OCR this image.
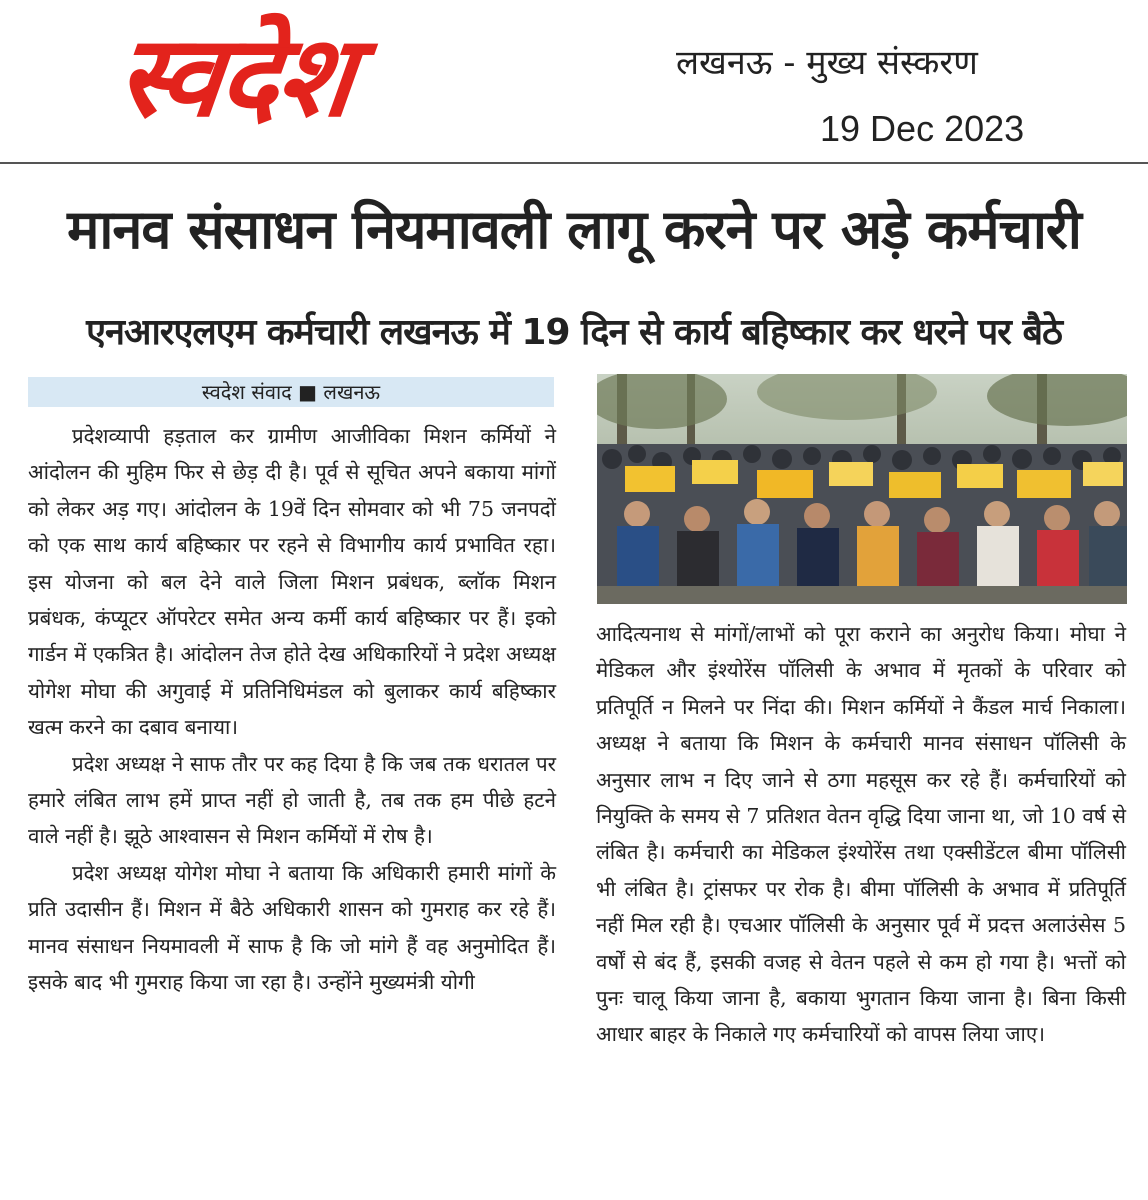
स्वदेश	लखनऊ - मुख्य संस्करण
19 Dec 2023
मानव संसाधन नियमावली लागू करने पर अड़े कर्मचारी
एनआरएलएम कर्मचारी लखनऊ में 19 दिन से कार्य बहिष्कार कर धरने पर बैठे
स्वदेश संवाद ■ लखनऊ

प्रदेशव्यापी हड़ताल कर ग्रामीण आजीविका मिशन कर्मियों ने आंदोलन की मुहिम फिर से छेड़ दी है। पूर्व से सूचित अपने बकाया मांगों को लेकर अड़ गए। आंदोलन के 19वें दिन सोमवार को भी 75 जनपदों को एक साथ कार्य बहिष्कार पर रहने से विभागीय कार्य प्रभावित रहा। इस योजना को बल देने वाले जिला मिशन प्रबंधक, ब्लॉक मिशन प्रबंधक, कंप्यूटर ऑपरेटर समेत अन्य कर्मी कार्य बहिष्कार पर हैं। इको गार्डन में एकत्रित है। आंदोलन तेज होते देख अधिकारियों ने प्रदेश अध्यक्ष योगेश मोघा की अगुवाई में प्रतिनिधिमंडल को बुलाकर कार्य बहिष्कार खत्म करने का दबाव बनाया।

प्रदेश अध्यक्ष ने साफ तौर पर कह दिया है कि जब तक धरातल पर हमारे लंबित लाभ हमें प्राप्त नहीं हो जाती है, तब तक हम पीछे हटने वाले नहीं है। झूठे आश्वासन से मिशन कर्मियों में रोष है।

प्रदेश अध्यक्ष योगेश मोघा ने बताया कि अधिकारी हमारी मांगों के प्रति उदासीन हैं। मिशन में बैठे अधिकारी शासन को गुमराह कर रहे हैं। मानव संसाधन नियमावली में साफ है कि जो मांगे हैं वह अनुमोदित हैं। इसके बाद भी गुमराह किया जा रहा है। उन्होंने मुख्यमंत्री योगी

आदित्यनाथ से मांगों/लाभों को पूरा कराने का अनुरोध किया। मोघा ने मेडिकल और इंश्योरेंस पॉलिसी के अभाव में मृतकों के परिवार को प्रतिपूर्ति न मिलने पर निंदा की। मिशन कर्मियों ने कैंडल मार्च निकाला। अध्यक्ष ने बताया कि मिशन के कर्मचारी मानव संसाधन पॉलिसी के अनुसार लाभ न दिए जाने से ठगा महसूस कर रहे हैं। कर्मचारियों को नियुक्ति के समय से 7 प्रतिशत वेतन वृद्धि दिया जाना था, जो 10 वर्ष से लंबित है। कर्मचारी का मेडिकल इंश्योरेंस तथा एक्सीडेंटल बीमा पॉलिसी भी लंबित है। ट्रांसफर पर रोक है। बीमा पॉलिसी के अभाव में प्रतिपूर्ति नहीं मिल रही है। एचआर पॉलिसी के अनुसार पूर्व में प्रदत्त अलाउंसेस 5 वर्षों से बंद हैं, इसकी वजह से वेतन पहले से कम हो गया है। भत्तों को पुनः चालू किया जाना है, बकाया भुगतान किया जाना है। बिना किसी आधार बाहर के निकाले गए कर्मचारियों को वापस लिया जाए।
